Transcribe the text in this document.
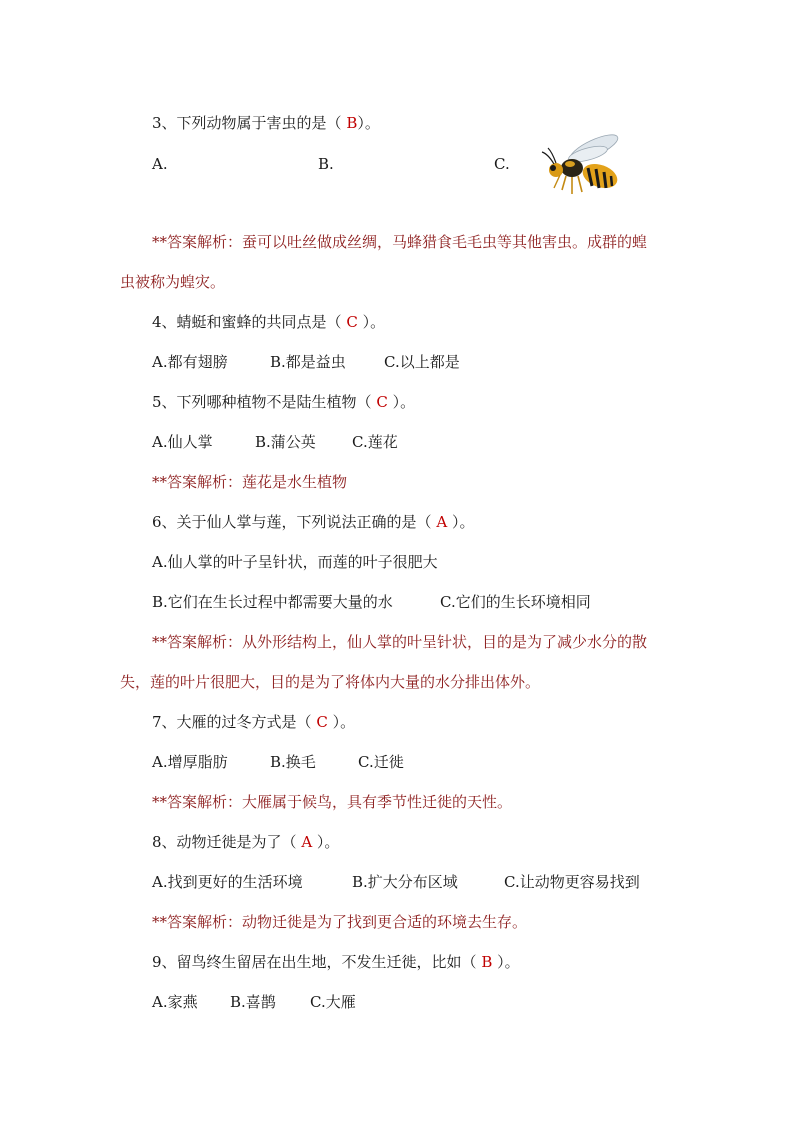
3、下列动物属于害虫的是（ B）。
A.	B.	C.
**答案解析：蚕可以吐丝做成丝绸，马蜂猎食毛毛虫等其他害虫。成群的蝗
虫被称为蝗灾。
4、蜻蜓和蜜蜂的共同点是（ C ）。
A.都有翅膀	B.都是益虫	C.以上都是
5、下列哪种植物不是陆生植物（ C ）。
A.仙人掌	B.蒲公英 C.莲花
**答案解析：莲花是水生植物
6、关于仙人掌与莲，下列说法正确的是（ A ）。
A.仙人掌的叶子呈针状，而莲的叶子很肥大
B.它们在生长过程中都需要大量的水	C.它们的生长环境相同
**答案解析：从外形结构上，仙人掌的叶呈针状，目的是为了减少水分的散
失，莲的叶片很肥大，目的是为了将体内大量的水分排出体外。
7、大雁的过冬方式是（ C ）。
A.增厚脂肪	B.换毛	C.迁徙
**答案解析：大雁属于候鸟，具有季节性迁徙的天性。
8、动物迁徙是为了（ A ）。
A.找到更好的生活环境	B.扩大分布区域	C.让动物更容易找到
**答案解析：动物迁徙是为了找到更合适的环境去生存。
9、留鸟终生留居在出生地，不发生迁徙，比如（ B ）。
A.家燕 B.喜鹊 C.大雁
